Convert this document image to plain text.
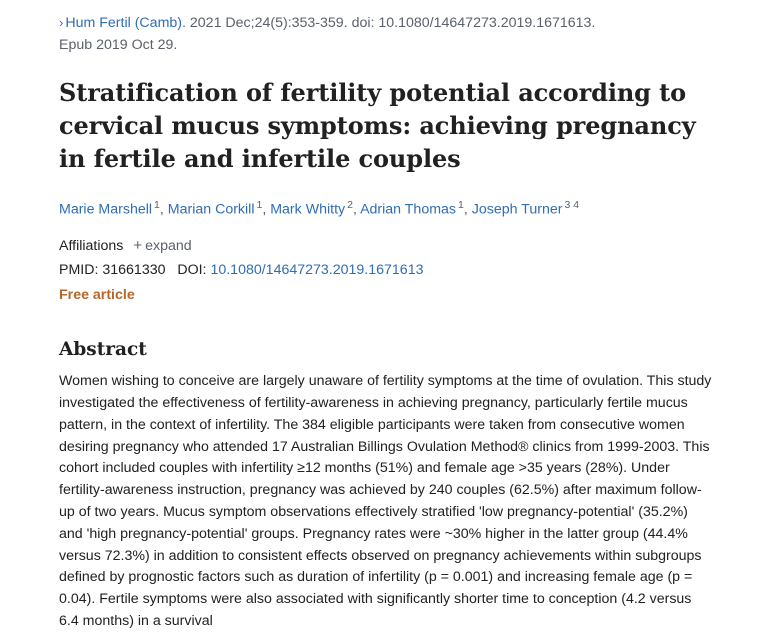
› Hum Fertil (Camb). 2021 Dec;24(5):353-359. doi: 10.1080/14647273.2019.1671613.
Epub 2019 Oct 29.
Stratification of fertility potential according to cervical mucus symptoms: achieving pregnancy in fertile and infertile couples
Marie Marshell $^1$, Marian Corkill $^1$, Mark Whitty $^2$, Adrian Thomas $^1$, Joseph Turner $^{3 4}$
Affiliations + expand
PMID: 31661330 DOI: 10.1080/14647273.2019.1671613
Free article
Abstract

Women wishing to conceive are largely unaware of fertility symptoms at the time of ovulation. This study investigated the effectiveness of fertility-awareness in achieving pregnancy, particularly fertile mucus pattern, in the context of infertility. The 384 eligible participants were taken from consecutive women desiring pregnancy who attended 17 Australian Billings Ovulation Method® clinics from 1999-2003. This cohort included couples with infertility ≥12 months (51%) and female age >35 years (28%). Under fertility-awareness instruction, pregnancy was achieved by 240 couples (62.5%) after maximum follow-up of two years. Mucus symptom observations effectively stratified 'low pregnancy-potential' (35.2%) and 'high pregnancy-potential' groups. Pregnancy rates were ~30% higher in the latter group (44.4% versus 72.3%) in addition to consistent effects observed on pregnancy achievements within subgroups defined by prognostic factors such as duration of infertility (p = 0.001) and increasing female age (p = 0.04). Fertile symptoms were also associated with significantly shorter time to conception (4.2 versus 6.4 months) in a survival
